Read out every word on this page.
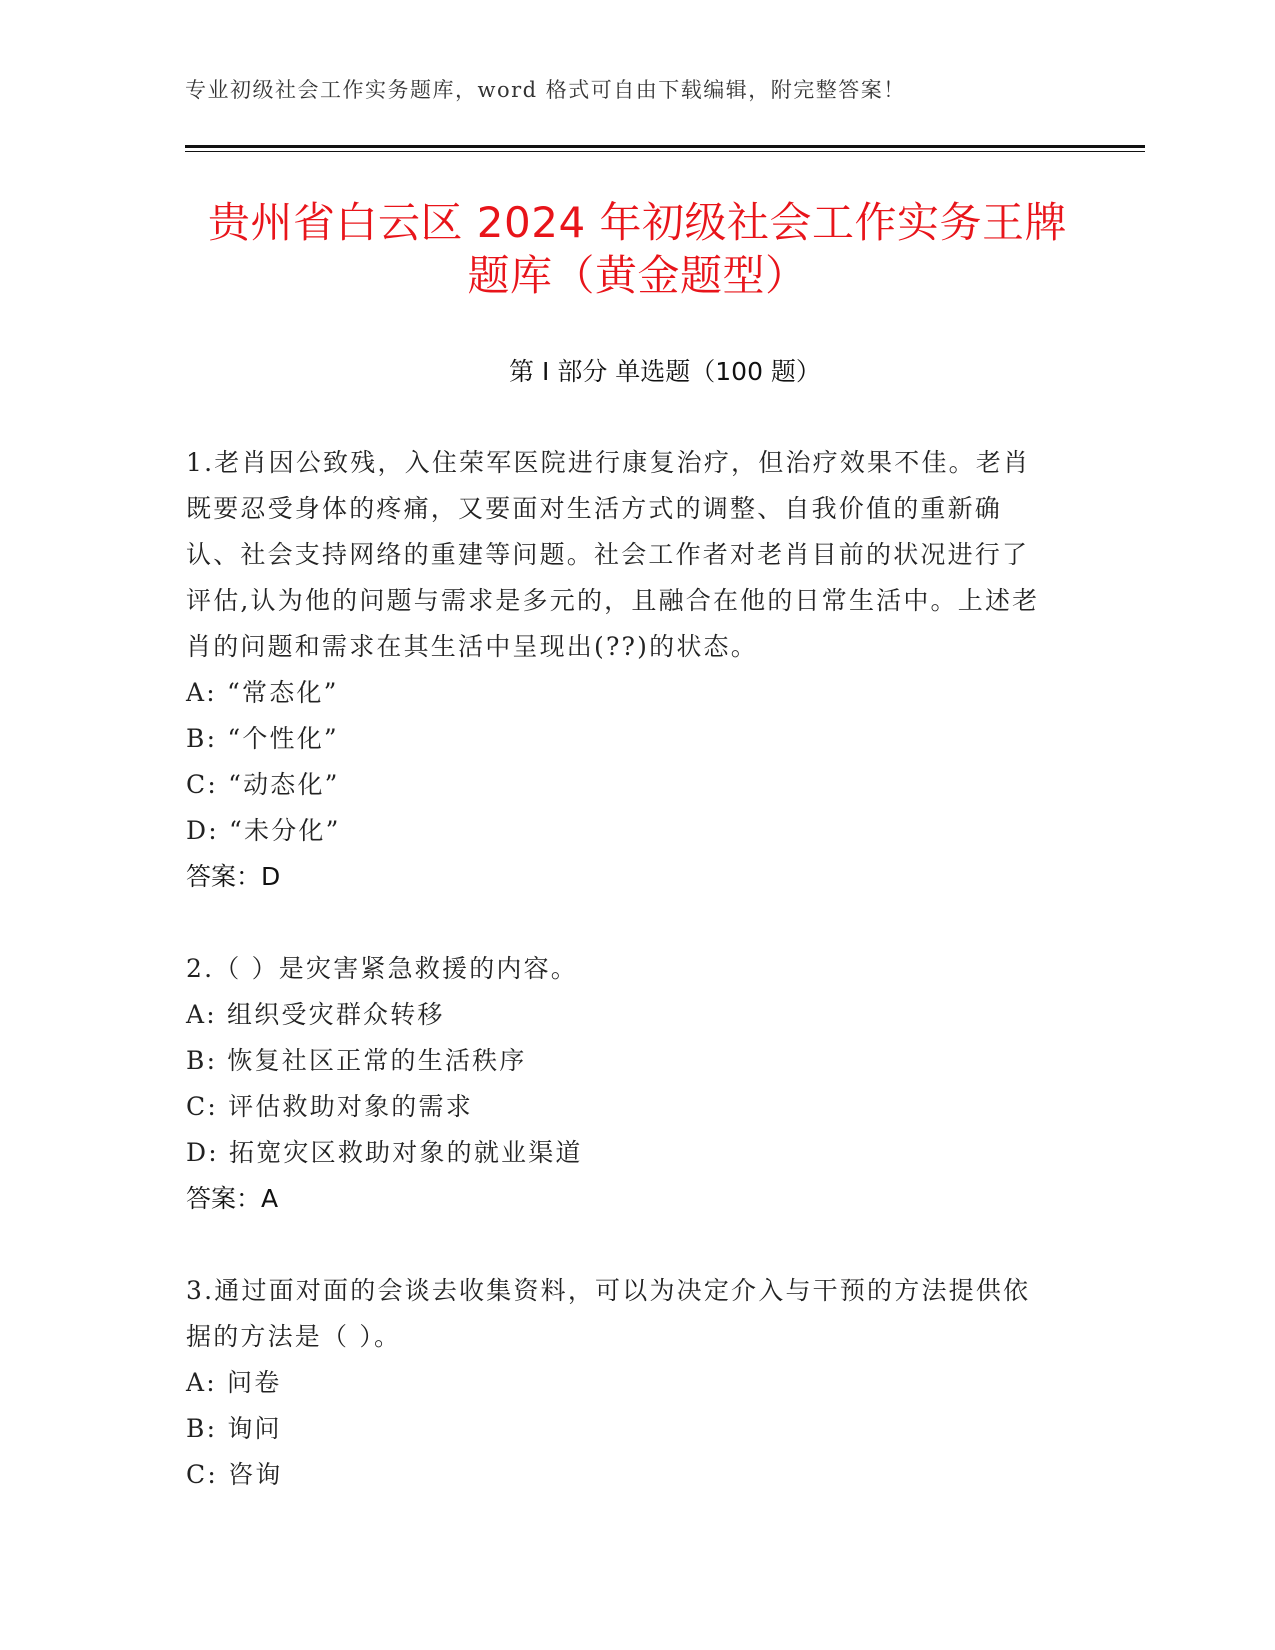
专业初级社会工作实务题库，word 格式可自由下载编辑，附完整答案！
贵州省白云区 2024 年初级社会工作实务王牌
题库（黄金题型）
第 I 部分 单选题（100 题）

1.老肖因公致残，入住荣军医院进行康复治疗，但治疗效果不佳。老肖既要忍受身体的疼痛，又要面对生活方式的调整、自我价值的重新确认、社会支持网络的重建等问题。社会工作者对老肖目前的状况进行了评估,认为他的问题与需求是多元的，且融合在他的日常生活中。上述老肖的问题和需求在其生活中呈现出(??)的状态。

A: “常态化”

B: “个性化”

C: “动态化”

D: “未分化”

答案：D

2.（ ）是灾害紧急救援的内容。

A: 组织受灾群众转移

B: 恢复社区正常的生活秩序

C: 评估救助对象的需求

D: 拓宽灾区救助对象的就业渠道

答案：A

3.通过面对面的会谈去收集资料，可以为决定介入与干预的方法提供依据的方法是（ ）。

A: 问卷

B: 询问

C: 咨询
